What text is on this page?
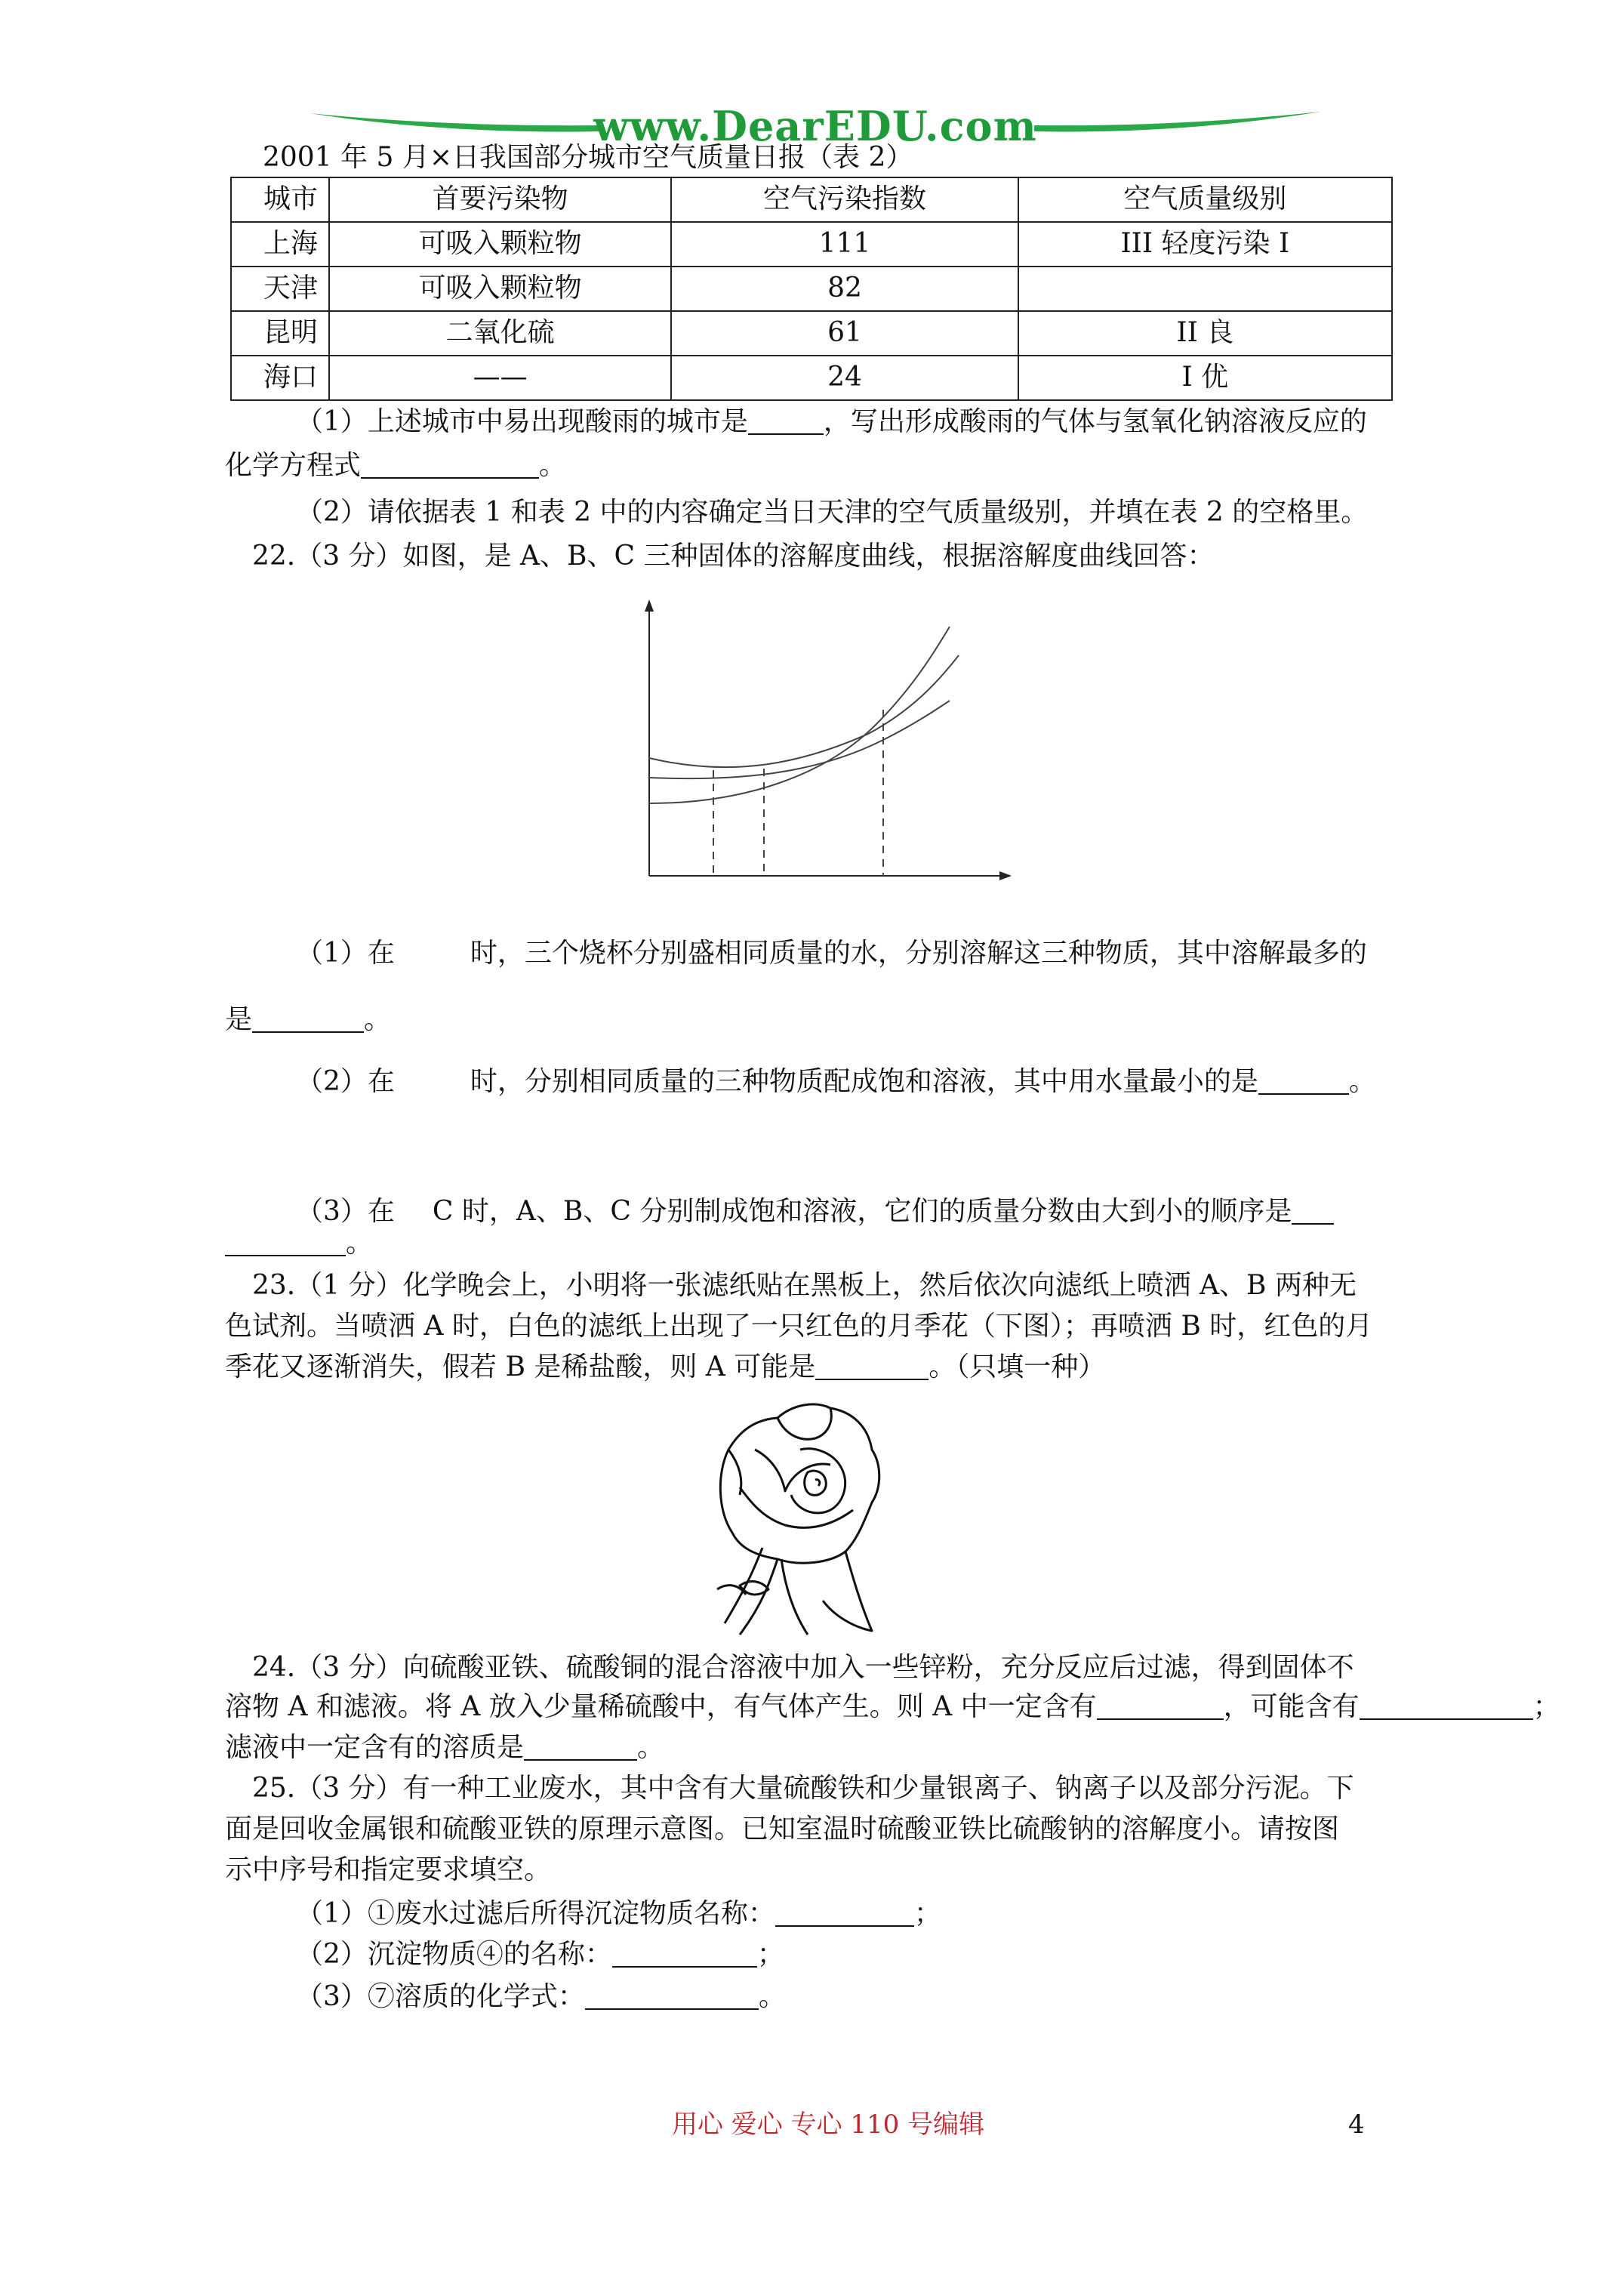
www.DearEDU.com
2001 年 5 月×日我国部分城市空气质量日报（表 2）
城市	首要污染物	空气污染指数	空气质量级别
上海	可吸入颗粒物	111	III 轻度污染 I
天津	可吸入颗粒物	82	
昆明	二氧化硫	61	II 良
海口	——	24	I 优
（1）上述城市中易出现酸雨的城市是	，写出形成酸雨的气体与氢氧化钠溶液反应的
化学方程式	。
（2）请依据表 1 和表 2 中的内容确定当日天津的空气质量级别，并填在表 2 的空格里。
22.（3 分）如图，是 A、B、C 三种固体的溶解度曲线，根据溶解度曲线回答：
（1）在	时，三个烧杯分别盛相同质量的水，分别溶解这三种物质，其中溶解最多的
是	。
（2）在	时，分别相同质量的三种物质配成饱和溶液，其中用水量最小的是	。
（3）在 C 时，A、B、C 分别制成饱和溶液，它们的质量分数由大到小的顺序是
。
23.（1 分）化学晚会上，小明将一张滤纸贴在黑板上，然后依次向滤纸上喷洒 A、B 两种无
色试剂。当喷洒 A 时，白色的滤纸上出现了一只红色的月季花（下图）；再喷洒 B 时，红色的月
季花又逐渐消失，假若 B 是稀盐酸，则 A 可能是	。（只填一种）
24.（3 分）向硫酸亚铁、硫酸铜的混合溶液中加入一些锌粉，充分反应后过滤，得到固体不
溶物 A 和滤液。将 A 放入少量稀硫酸中，有气体产生。则 A 中一定含有	，可能含有	；
滤液中一定含有的溶质是	。
25.（3 分）有一种工业废水，其中含有大量硫酸铁和少量银离子、钠离子以及部分污泥。下
面是回收金属银和硫酸亚铁的原理示意图。已知室温时硫酸亚铁比硫酸钠的溶解度小。请按图
示中序号和指定要求填空。
（1）①废水过滤后所得沉淀物质名称：	；
（2）沉淀物质④的名称：	；
（3）⑦溶质的化学式：	。
用心 爱心 专心 110 号编辑	4
